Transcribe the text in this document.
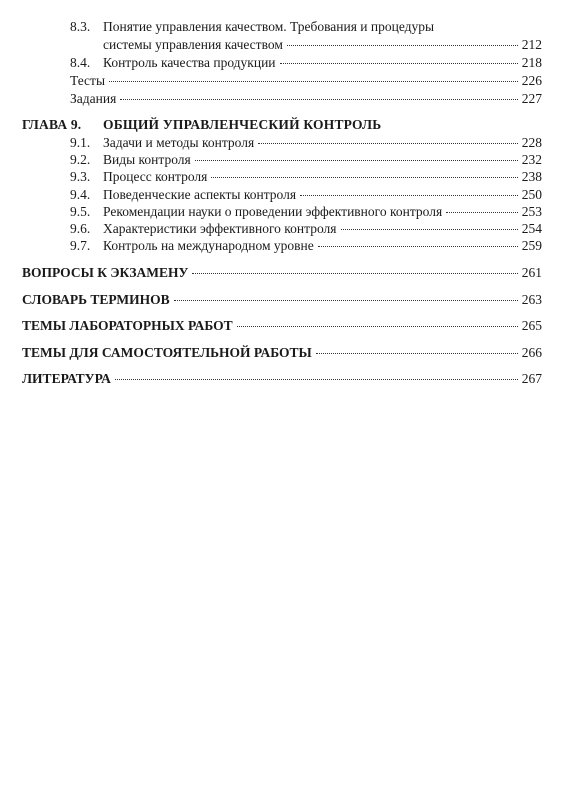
8.3. Понятие управления качеством. Требования и процедуры
системы управления качеством	212
8.4. Контроль качества продукции	218
Тесты	226
Задания	227
ГЛАВА 9. ОБЩИЙ УПРАВЛЕНЧЕСКИЙ КОНТРОЛЬ
9.1. Задачи и методы контроля	228
9.2. Виды контроля	232
9.3. Процесс контроля	238
9.4. Поведенческие аспекты контроля	250
9.5. Рекомендации науки о проведении эффективного контроля	253
9.6. Характеристики эффективного контроля	254
9.7. Контроль на международном уровне	259
ВОПРОСЫ К ЭКЗАМЕНУ	261
СЛОВАРЬ ТЕРМИНОВ	263
ТЕМЫ ЛАБОРАТОРНЫХ РАБОТ	265
ТЕМЫ ДЛЯ САМОСТОЯТЕЛЬНОЙ РАБОТЫ	266
ЛИТЕРАТУРА	267
